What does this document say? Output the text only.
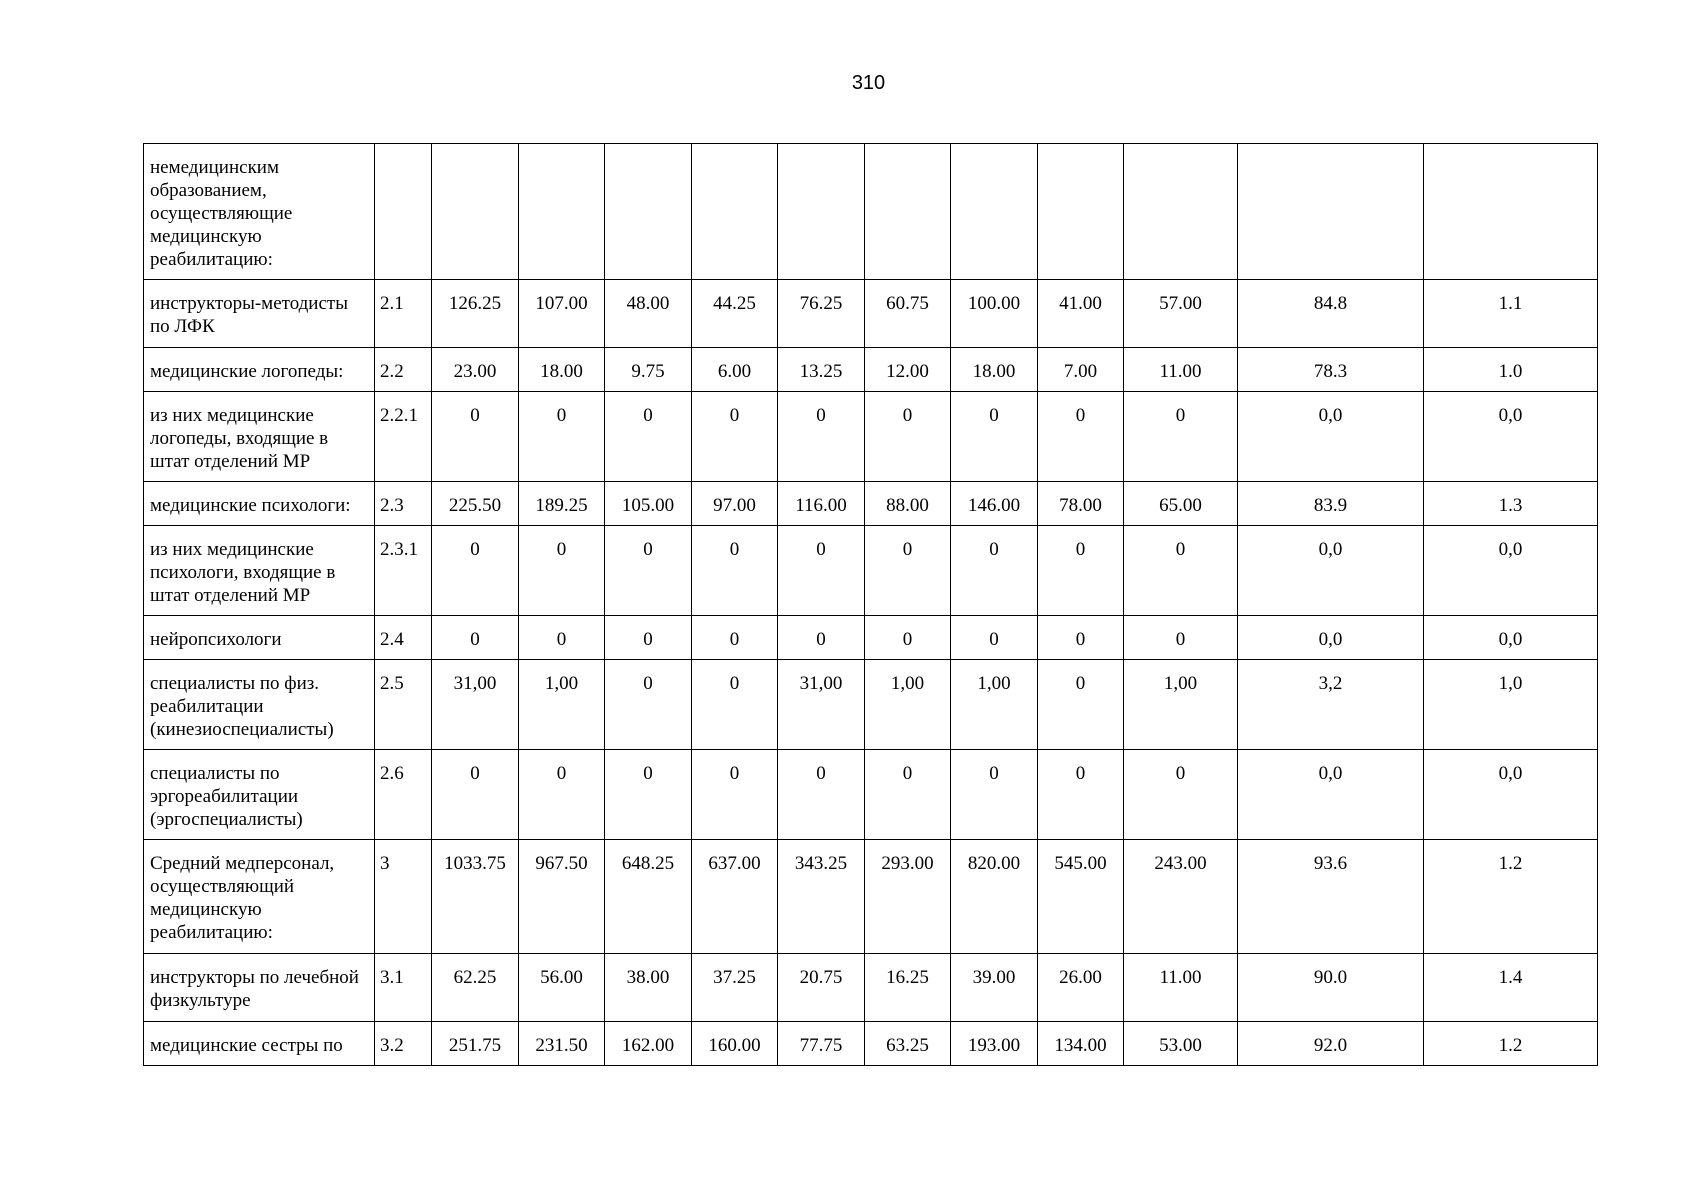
310
немедицинским образованием, осуществляющие медицинскую реабилитацию:												
инструкторы-методисты по ЛФК	2.1	126.25	107.00	48.00	44.25	76.25	60.75	100.00	41.00	57.00	84.8	1.1
медицинские логопеды:	2.2	23.00	18.00	9.75	6.00	13.25	12.00	18.00	7.00	11.00	78.3	1.0
из них медицинские логопеды, входящие в штат отделений МР	2.2.1	0	0	0	0	0	0	0	0	0	0,0	0,0
медицинские психологи:	2.3	225.50	189.25	105.00	97.00	116.00	88.00	146.00	78.00	65.00	83.9	1.3
из них медицинские психологи, входящие в штат отделений МР	2.3.1	0	0	0	0	0	0	0	0	0	0,0	0,0
нейропсихологи	2.4	0	0	0	0	0	0	0	0	0	0,0	0,0
специалисты по физ. реабилитации (кинезиоспециалисты)	2.5	31,00	1,00	0	0	31,00	1,00	1,00	0	1,00	3,2	1,0
специалисты по эргореабилитации (эргоспециалисты)	2.6	0	0	0	0	0	0	0	0	0	0,0	0,0
Средний медперсонал, осуществляющий медицинскую реабилитацию:	3	1033.75	967.50	648.25	637.00	343.25	293.00	820.00	545.00	243.00	93.6	1.2
инструкторы по лечебной физкультуре	3.1	62.25	56.00	38.00	37.25	20.75	16.25	39.00	26.00	11.00	90.0	1.4
медицинские сестры по	3.2	251.75	231.50	162.00	160.00	77.75	63.25	193.00	134.00	53.00	92.0	1.2
